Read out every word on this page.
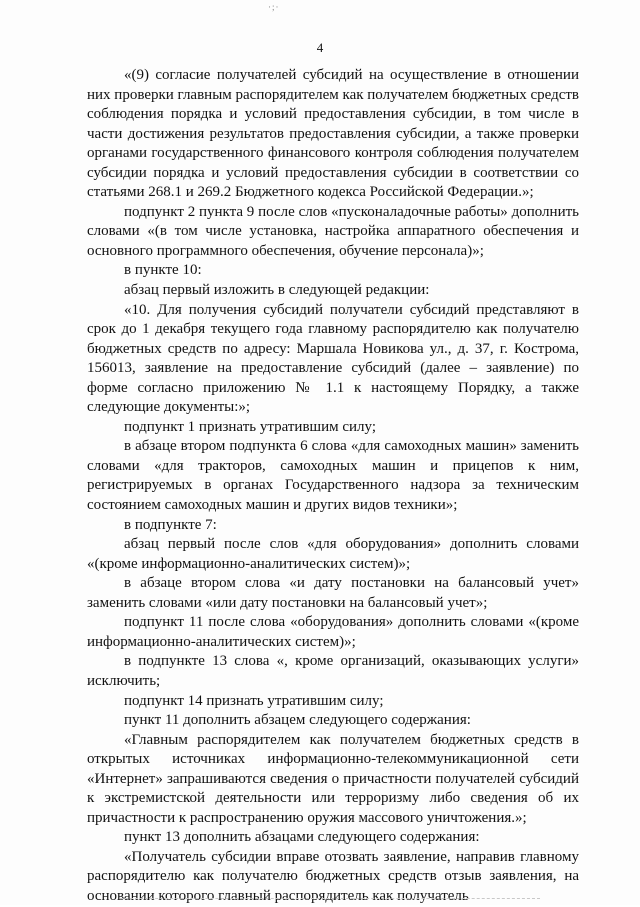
·;·
4

«(9) согласие получателей субсидий на осуществление в отношении них проверки главным распорядителем как получателем бюджетных средств соблюдения порядка и условий предоставления субсидии, в том числе в части достижения результатов предоставления субсидии, а также проверки органами государственного финансового контроля соблюдения получателем субсидии порядка и условий предоставления субсидии в соответствии со статьями 268.1 и 269.2 Бюджетного кодекса Российской Федерации.»;

подпункт 2 пункта 9 после слов «пусконаладочные работы» дополнить словами «(в том числе установка, настройка аппаратного обеспечения и основного программного обеспечения, обучение персонала)»;

в пункте 10:

абзац первый изложить в следующей редакции:

«10. Для получения субсидий получатели субсидий представляют в срок до 1 декабря текущего года главному распорядителю как получателю бюджетных средств по адресу: Маршала Новикова ул., д. 37, г. Кострома, 156013, заявление на предоставление субсидий (далее – заявление) по форме согласно приложению № 1.1 к настоящему Порядку, а также следующие документы:»;

подпункт 1 признать утратившим силу;

в абзаце втором подпункта 6 слова «для самоходных машин» заменить словами «для тракторов, самоходных машин и прицепов к ним, регистрируемых в органах Государственного надзора за техническим состоянием самоходных машин и других видов техники»;

в подпункте 7:

абзац первый после слов «для оборудования» дополнить словами «(кроме информационно-аналитических систем)»;

в абзаце втором слова «и дату постановки на балансовый учет» заменить словами «или дату постановки на балансовый учет»;

подпункт 11 после слова «оборудования» дополнить словами «(кроме информационно-аналитических систем)»;

в подпункте 13 слова «, кроме организаций, оказывающих услуги» исключить;

подпункт 14 признать утратившим силу;

пункт 11 дополнить абзацем следующего содержания:

«Главным распорядителем как получателем бюджетных средств в открытых источниках информационно-телекоммуникационной сети «Интернет» запрашиваются сведения о причастности получателей субсидий к экстремистской деятельности или терроризму либо сведения об их причастности к распространению оружия массового уничтожения.»;

пункт 13 дополнить абзацами следующего содержания:

«Получатель субсидии вправе отозвать заявление, направив главному распорядителю как получателю бюджетных средств отзыв заявления, на основании которого главный распорядитель как получатель
